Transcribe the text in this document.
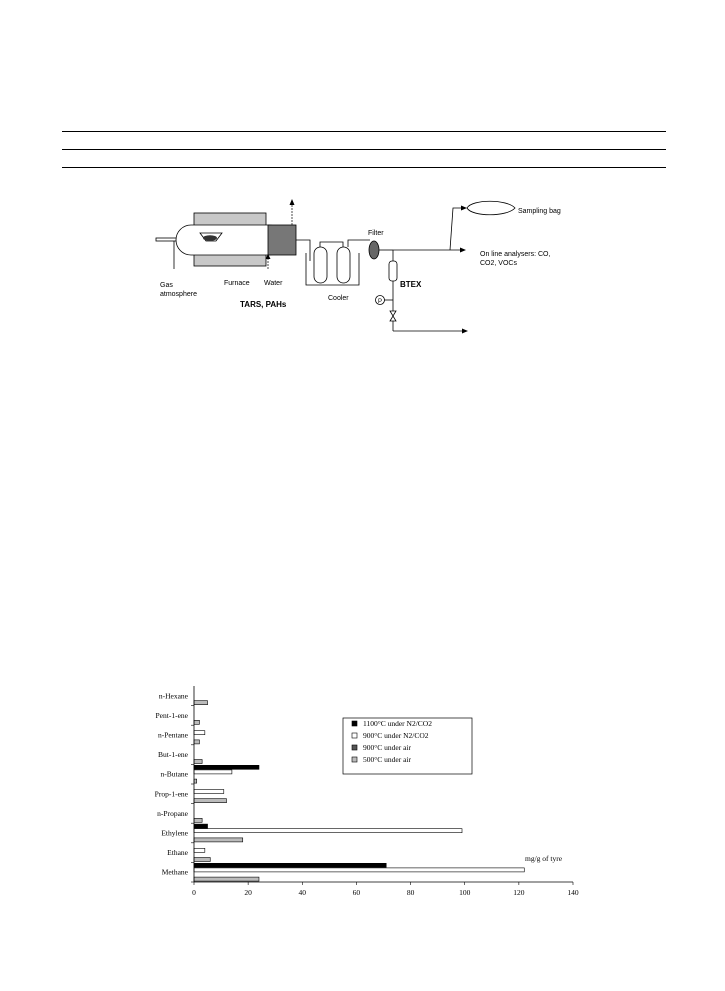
Gas
atmosphere
Furnace Water
TARS, PAHs
Cooler
Filter
BTEX
P
Sampling bag
On line analysers: CO,
CO2, VOCs
Methane
Ethane
Ethylene
n-Propane
Prop-1-ene
n-Butane
But-1-ene
n-Pentane
Pent-1-ene
n-Hexane
0	20	40	60	80	100	120	140
mg/g of tyre
1100°C under N2/CO2
900°C under N2/CO2
900°C under air
500°C under air
